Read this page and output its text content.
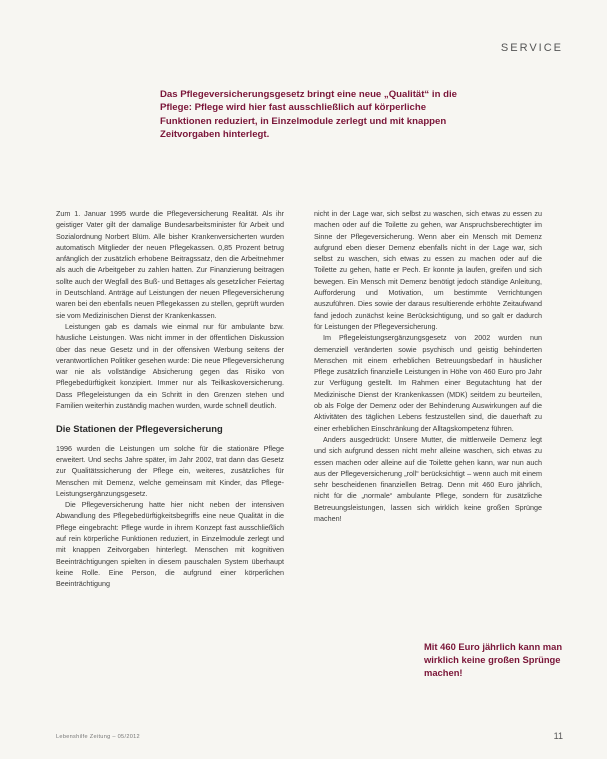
SERVICE
Das Pflegeversicherungsgesetz bringt eine neue „Qualität“ in die Pflege: Pflege wird hier fast ausschließlich auf körperliche Funktionen reduziert, in Einzelmodule zerlegt und mit knappen Zeitvorgaben hinterlegt.

Zum 1. Januar 1995 wurde die Pflegeversicherung Realität. Als ihr geistiger Vater gilt der damalige Bundesarbeitsminister für Arbeit und Sozialordnung Norbert Blüm. Alle bisher Krankenversicherten wurden automatisch Mitglieder der neuen Pflegekassen. 0,85 Prozent betrug anfänglich der zusätzlich erhobene Beitragssatz, den die Arbeitnehmer als auch die Arbeitgeber zu zahlen hatten. Zur Finanzierung beitragen sollte auch der Wegfall des Buß- und Bettages als gesetzlicher Feiertag in Deutschland. Anträge auf Leistungen der neuen Pflegeversicherung waren bei den ebenfalls neuen Pflegekassen zu stellen, geprüft wurden sie vom Medizinischen Dienst der Krankenkassen.

Leistungen gab es damals wie einmal nur für ambulante bzw. häusliche Leistungen. Was nicht immer in der öffentlichen Diskussion über das neue Gesetz und in der offensiven Werbung seitens der verantwortlichen Politiker gesehen wurde: Die neue Pflegeversicherung war nie als vollständige Absicherung gegen das Risiko von Pflegebedürftigkeit konzipiert. Immer nur als Teilkaskoversicherung. Dass Pflegeleistungen da ein Schritt in den Grenzen stehen und Familien weiterhin zuständig machen wurden, wurde schnell deutlich.

Die Stationen der Pflegeversicherung

1996 wurden die Leistungen um solche für die stationäre Pflege erweitert. Und sechs Jahre später, im Jahr 2002, trat dann das Gesetz zur Qualitätssicherung der Pflege ein, weiteres, zusätzliches für Menschen mit Demenz, welche gemeinsam mit Kinder, das Pflege-Leistungsergänzungsgesetz.

Die Pflegeversicherung hatte hier nicht neben der intensiven Abwandlung des Pflegebedürftigkeitsbegriffs eine neue Qualität in die Pflege eingebracht: Pflege wurde in ihrem Konzept fast ausschließlich auf rein körperliche Funktionen reduziert, in Einzelmodule zerlegt und mit knappen Zeitvorgaben hinterlegt. Menschen mit kognitiven Beeinträchtigungen spielten in diesem pauschalen System überhaupt keine Rolle. Eine Person, die aufgrund einer körperlichen Beeinträchtigung

nicht in der Lage war, sich selbst zu waschen, sich etwas zu essen zu machen oder auf die Toilette zu gehen, war Anspruchsberechtigter im Sinne der Pflegeversicherung. Wenn aber ein Mensch mit Demenz aufgrund eben dieser Demenz ebenfalls nicht in der Lage war, sich selbst zu waschen, sich etwas zu essen zu machen oder auf die Toilette zu gehen, hatte er Pech. Er konnte ja laufen, greifen und sich bewegen. Ein Mensch mit Demenz benötigt jedoch ständige Anleitung, Aufforderung und Motivation, um bestimmte Verrichtungen auszuführen. Dies sowie der daraus resultierende erhöhte Zeitaufwand fand jedoch zunächst keine Berücksichtigung, und so galt er dadurch für Leistungen der Pflegeversicherung.

Im Pflegeleistungsergänzungsgesetz von 2002 wurden nun demenziell veränderten sowie psychisch und geistig behinderten Menschen mit einem erheblichen Betreuungsbedarf in häuslicher Pflege zusätzlich finanzielle Leistungen in Höhe von 460 Euro pro Jahr zur Verfügung gestellt. Im Rahmen einer Begutachtung hat der Medizinische Dienst der Krankenkassen (MDK) seitdem zu beurteilen, ob als Folge der Demenz oder der Behinderung Auswirkungen auf die Aktivitäten des täglichen Lebens festzustellen sind, die dauerhaft zu einer erheblichen Einschränkung der Alltagskompetenz führen.

Anders ausgedrückt: Unsere Mutter, die mittlerweile Demenz legt und sich aufgrund dessen nicht mehr alleine waschen, sich etwas zu essen machen oder alleine auf die Toilette gehen kann, war nun auch aus der Pflegeversicherung „roll“ berücksichtigt – wenn auch mit einem sehr bescheidenen finanziellen Betrag. Denn mit 460 Euro jährlich, nicht für die „normale“ ambulante Pflege, sondern für zusätzliche Betreuungsleistungen, lassen sich wirklich keine großen Sprünge machen!

Mit 460 Euro jährlich kann man wirklich keine großen Sprünge machen!
Lebenshilfe Zeitung – 05/2012	11
